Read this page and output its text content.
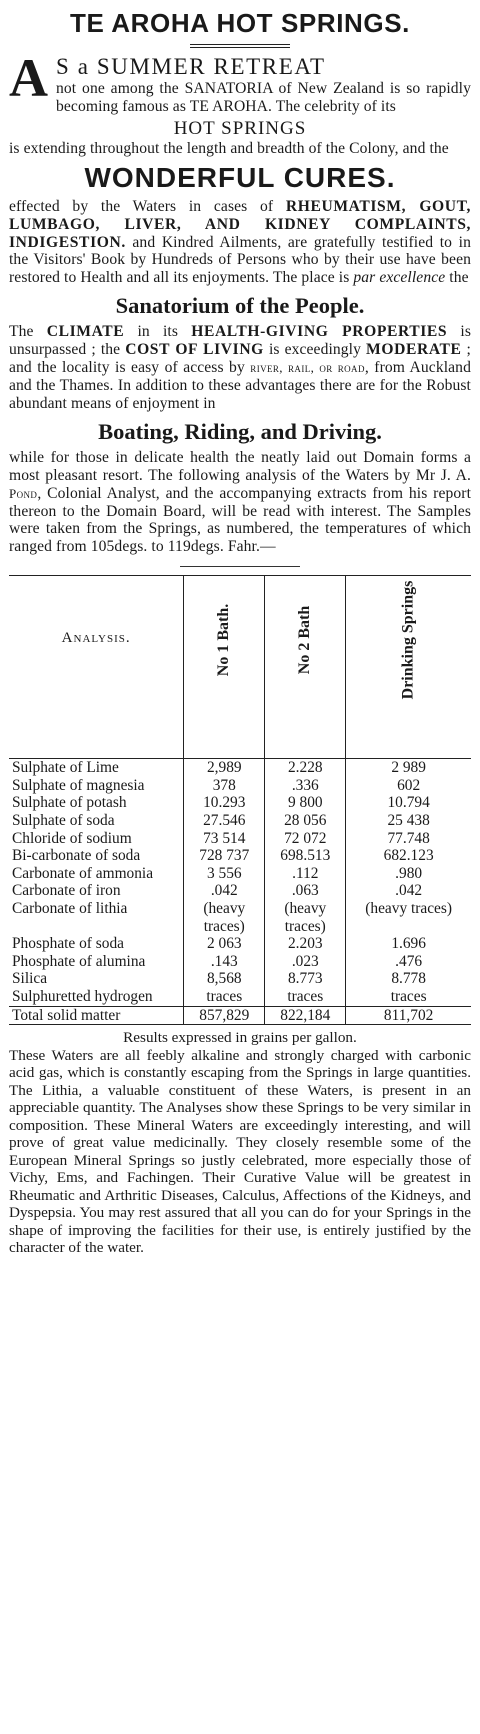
TE AROHA HOT SPRINGS.
A S a SUMMER RETREAT

not one among the SANATORIA of New Zealand is so rapidly becoming famous as TE AROHA. The celebrity of its

HOT SPRINGS

is extending throughout the length and breadth of the Colony, and the

WONDERFUL CURES.

effected by the Waters in cases of RHEUMATISM, GOUT, LUMBAGO, LIVER, AND KIDNEY COMPLAINTS, INDIGESTION. and Kindred Ailments, are gratefully testified to in the Visitors' Book by Hundreds of Persons who by their use have been restored to Health and all its enjoyments. The place is par excellence the

Sanatorium of the People.

The CLIMATE in its HEALTH-GIVING PROPERTIES is unsurpassed ; the COST OF LIVING is exceedingly MODERATE ; and the locality is easy of access by river, rail, or road, from Auckland and the Thames. In addition to these advantages there are for the Robust abundant means of enjoyment in

Boating, Riding, and Driving.

while for those in delicate health the neatly laid out Domain forms a most pleasant resort. The following analysis of the Waters by Mr J. A. Pond, Colonial Analyst, and the accompanying extracts from his report thereon to the Domain Board, will be read with interest. The Samples were taken from the Springs, as numbered, the temperatures of which ranged from 105degs. to 119degs. Fahr.—

Analysis.	No 1 Bath.	No 2 Bath	Drinking Springs

Sulphate of Lime	2,989	2.228	2 989
Sulphate of magnesia	378	.336	602
Sulphate of potash	10.293	9 800	10.794
Sulphate of soda	27.546	28 056	25 438
Chloride of sodium	73 514	72 072	77.748
Bi-carbonate of soda	728 737	698.513	682.123
Carbonate of ammonia	3 556	.112	.980
Carbonate of iron	.042	.063	.042
Carbonate of lithia	(heavy traces)	(heavy traces)	(heavy traces)
Phosphate of soda	2 063	2.203	1.696
Phosphate of alumina	.143	.023	.476
Silica	8,568	8.773	8.778
Sulphuretted hydrogen	traces	traces	traces
Total solid matter	857,829	822,184	811,702

Results expressed in grains per gallon.

These Waters are all feebly alkaline and strongly charged with carbonic acid gas, which is constantly escaping from the Springs in large quantities. The Lithia, a valuable constituent of these Waters, is present in an appreciable quantity. The Analyses show these Springs to be very similar in composition. These Mineral Waters are exceedingly interesting, and will prove of great value medicinally. They closely resemble some of the European Mineral Springs so justly celebrated, more especially those of Vichy, Ems, and Fachingen. Their Curative Value will be greatest in Rheumatic and Arthritic Diseases, Calculus, Affections of the Kidneys, and Dyspepsia. You may rest assured that all you can do for your Springs in the shape of improving the facilities for their use, is entirely justified by the character of the water.
